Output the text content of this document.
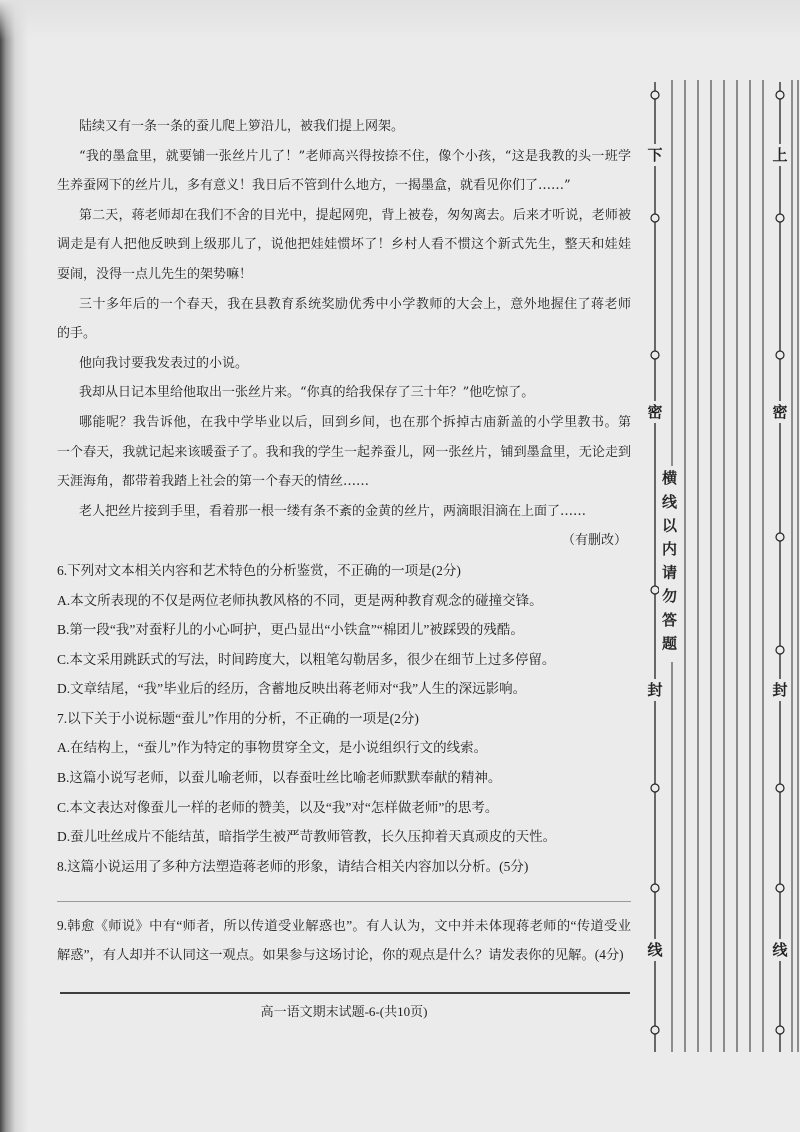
陆续又有一条一条的蚕儿爬上箩沿儿，被我们提上网架。
“我的墨盒里，就要铺一张丝片儿了！”老师高兴得按捺不住，像个小孩，“这是我教的头一班学
生养蚕网下的丝片儿，多有意义！我日后不管到什么地方，一揭墨盒，就看见你们了……”
第二天，蒋老师却在我们不舍的目光中，提起网兜，背上被卷，匆匆离去。后来才听说，老师被
调走是有人把他反映到上级那儿了，说他把娃娃惯坏了！乡村人看不惯这个新式先生，整天和娃娃
耍闹，没得一点儿先生的架势嘛！
三十多年后的一个春天，我在县教育系统奖励优秀中小学教师的大会上，意外地握住了蒋老师
的手。
他向我讨要我发表过的小说。
我却从日记本里给他取出一张丝片来。“你真的给我保存了三十年？”他吃惊了。
哪能呢？我告诉他，在我中学毕业以后，回到乡间，也在那个拆掉古庙新盖的小学里教书。第
一个春天，我就记起来该暖蚕子了。我和我的学生一起养蚕儿，网一张丝片，铺到墨盒里，无论走到
天涯海角，都带着我踏上社会的第一个春天的情丝……
老人把丝片接到手里，看着那一根一缕有条不紊的金黄的丝片，两滴眼泪滴在上面了……
（有删改）
6.下列对文本相关内容和艺术特色的分析鉴赏，不正确的一项是(2分)
A.本文所表现的不仅是两位老师执教风格的不同，更是两种教育观念的碰撞交锋。
B.第一段“我”对蚕籽儿的小心呵护，更凸显出“小铁盒”“棉团儿”被踩毁的残酷。
C.本文采用跳跃式的写法，时间跨度大，以粗笔勾勒居多，很少在细节上过多停留。
D.文章结尾，“我”毕业后的经历，含蓄地反映出蒋老师对“我”人生的深远影响。
7.以下关于小说标题“蚕儿”作用的分析，不正确的一项是(2分)
A.在结构上，“蚕儿”作为特定的事物贯穿全文，是小说组织行文的线索。
B.这篇小说写老师，以蚕儿喻老师，以春蚕吐丝比喻老师默默奉献的精神。
C.本文表达对像蚕儿一样的老师的赞美，以及“我”对“怎样做老师”的思考。
D.蚕儿吐丝成片不能结茧，暗指学生被严苛教师管教，长久压抑着天真顽皮的天性。
8.这篇小说运用了多种方法塑造蒋老师的形象，请结合相关内容加以分析。(5分)
9.韩愈《师说》中有“师者，所以传道受业解惑也”。有人认为，文中并未体现蒋老师的“传道受业
解惑”，有人却并不认同这一观点。如果参与这场讨论，你的观点是什么？请发表你的见解。(4分)
高一语文期末试题-6-(共10页)
下
密
封
线
上
密
封
线
横线以内请勿答题
